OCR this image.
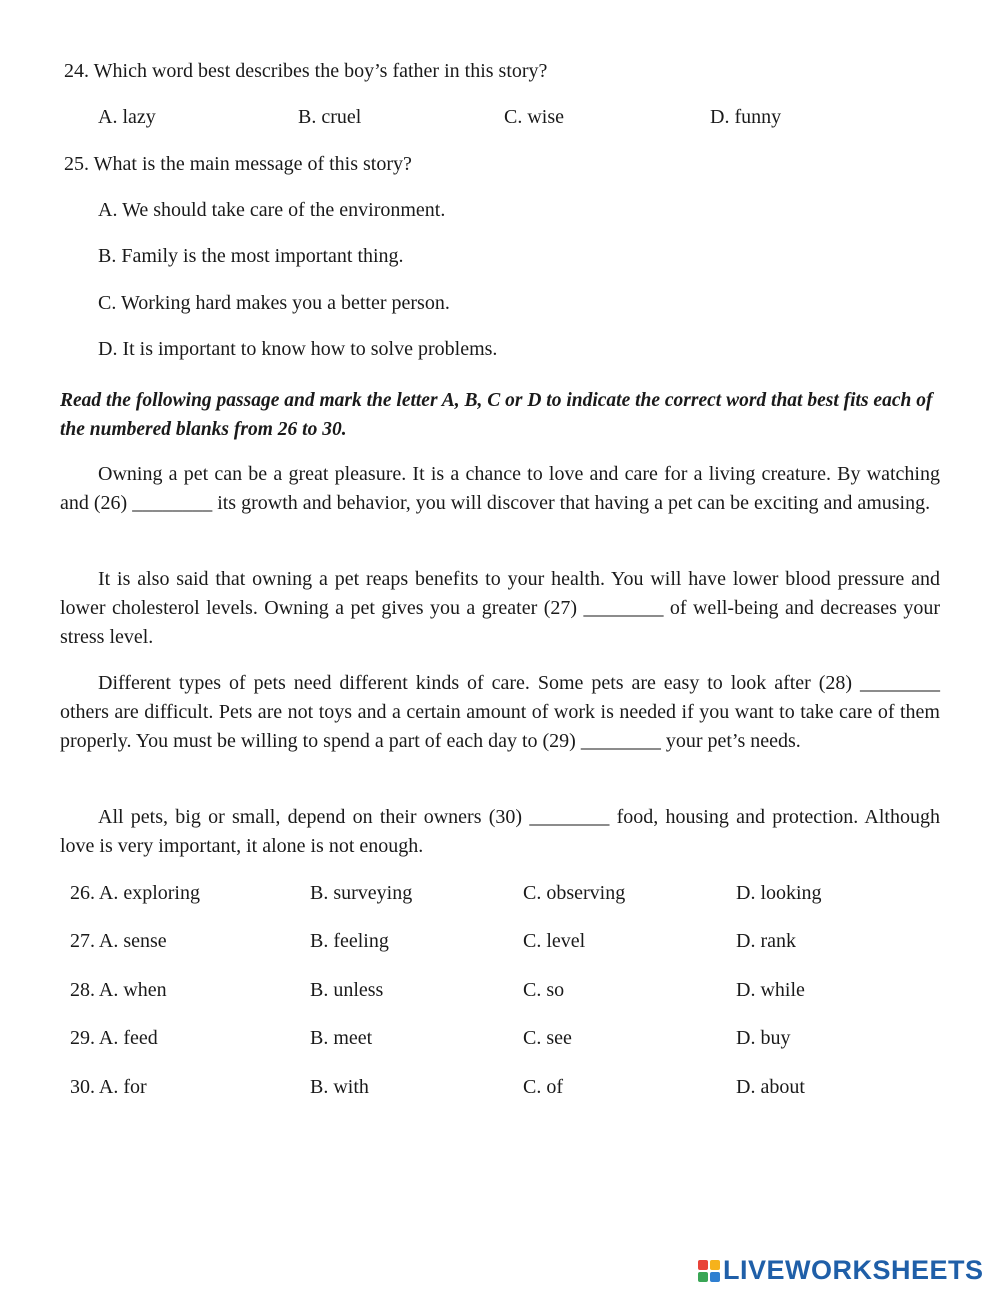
24. Which word best describes the boy’s father in this story?
A. lazy	B. cruel	C. wise	D. funny
25. What is the main message of this story?
A. We should take care of the environment.
B. Family is the most important thing.
C. Working hard makes you a better person.
D. It is important to know how to solve problems.
Read the following passage and mark the letter A, B, C or D to indicate the correct word that best fits each of the numbered blanks from 26 to 30.
Owning a pet can be a great pleasure. It is a chance to love and care for a living creature. By watching and (26) ________ its growth and behavior, you will discover that having a pet can be exciting and amusing.
It is also said that owning a pet reaps benefits to your health. You will have lower blood pressure and lower cholesterol levels. Owning a pet gives you a greater (27) ________ of well-being and decreases your stress level.
Different types of pets need different kinds of care. Some pets are easy to look after (28) ________ others are difficult. Pets are not toys and a certain amount of work is needed if you want to take care of them properly. You must be willing to spend a part of each day to (29) ________ your pet’s needs.
All pets, big or small, depend on their owners (30) ________ food, housing and protection. Although love is very important, it alone is not enough.
26. A. exploring	B. surveying	C. observing	D. looking
27. A. sense	B. feeling	C. level	D. rank
28. A. when	B. unless	C. so	D. while
29. A. feed	B. meet	C. see	D. buy
30. A. for	B. with	C. of	D. about
LIVEWORKSHEETS
